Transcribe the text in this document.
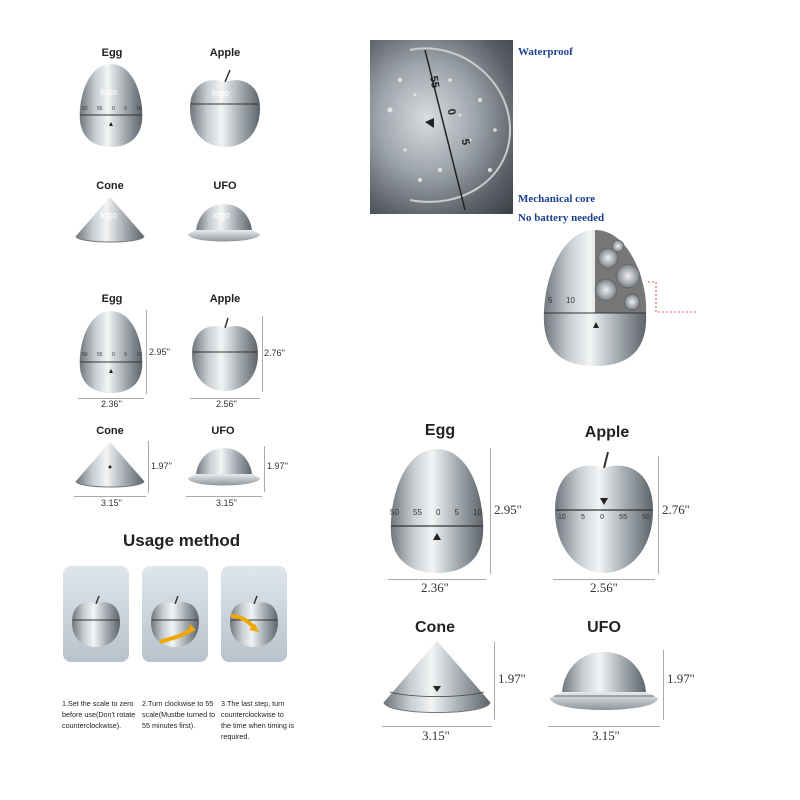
Egg	Apple
logo
50 55 0 5 10
logo
Cone	UFO
logo	logo
Egg	Apple
50 55 0 5 10 2.95''
2.36''
2.76''
2.56''
Cone	UFO
1.97''
3.15''
1.97''
3.15''
Usage method
1.Set the scale to zero before use(Don't rotate counterclockwise).
2.Turn clockwise to 55 scale(Mustbe turned to 55 minutes first).
3.The last step, turn counterclockwise to the time when timing is required.
55
0
5
Waterproof
Mechanical core
No battery needed
5 10
Egg	Apple
50 55 0 5 10 2.95''
2.36''
10 5 0 55 50
2.76''
2.56''
Cone	UFO
1.97''
3.15''
1.97''
3.15''
